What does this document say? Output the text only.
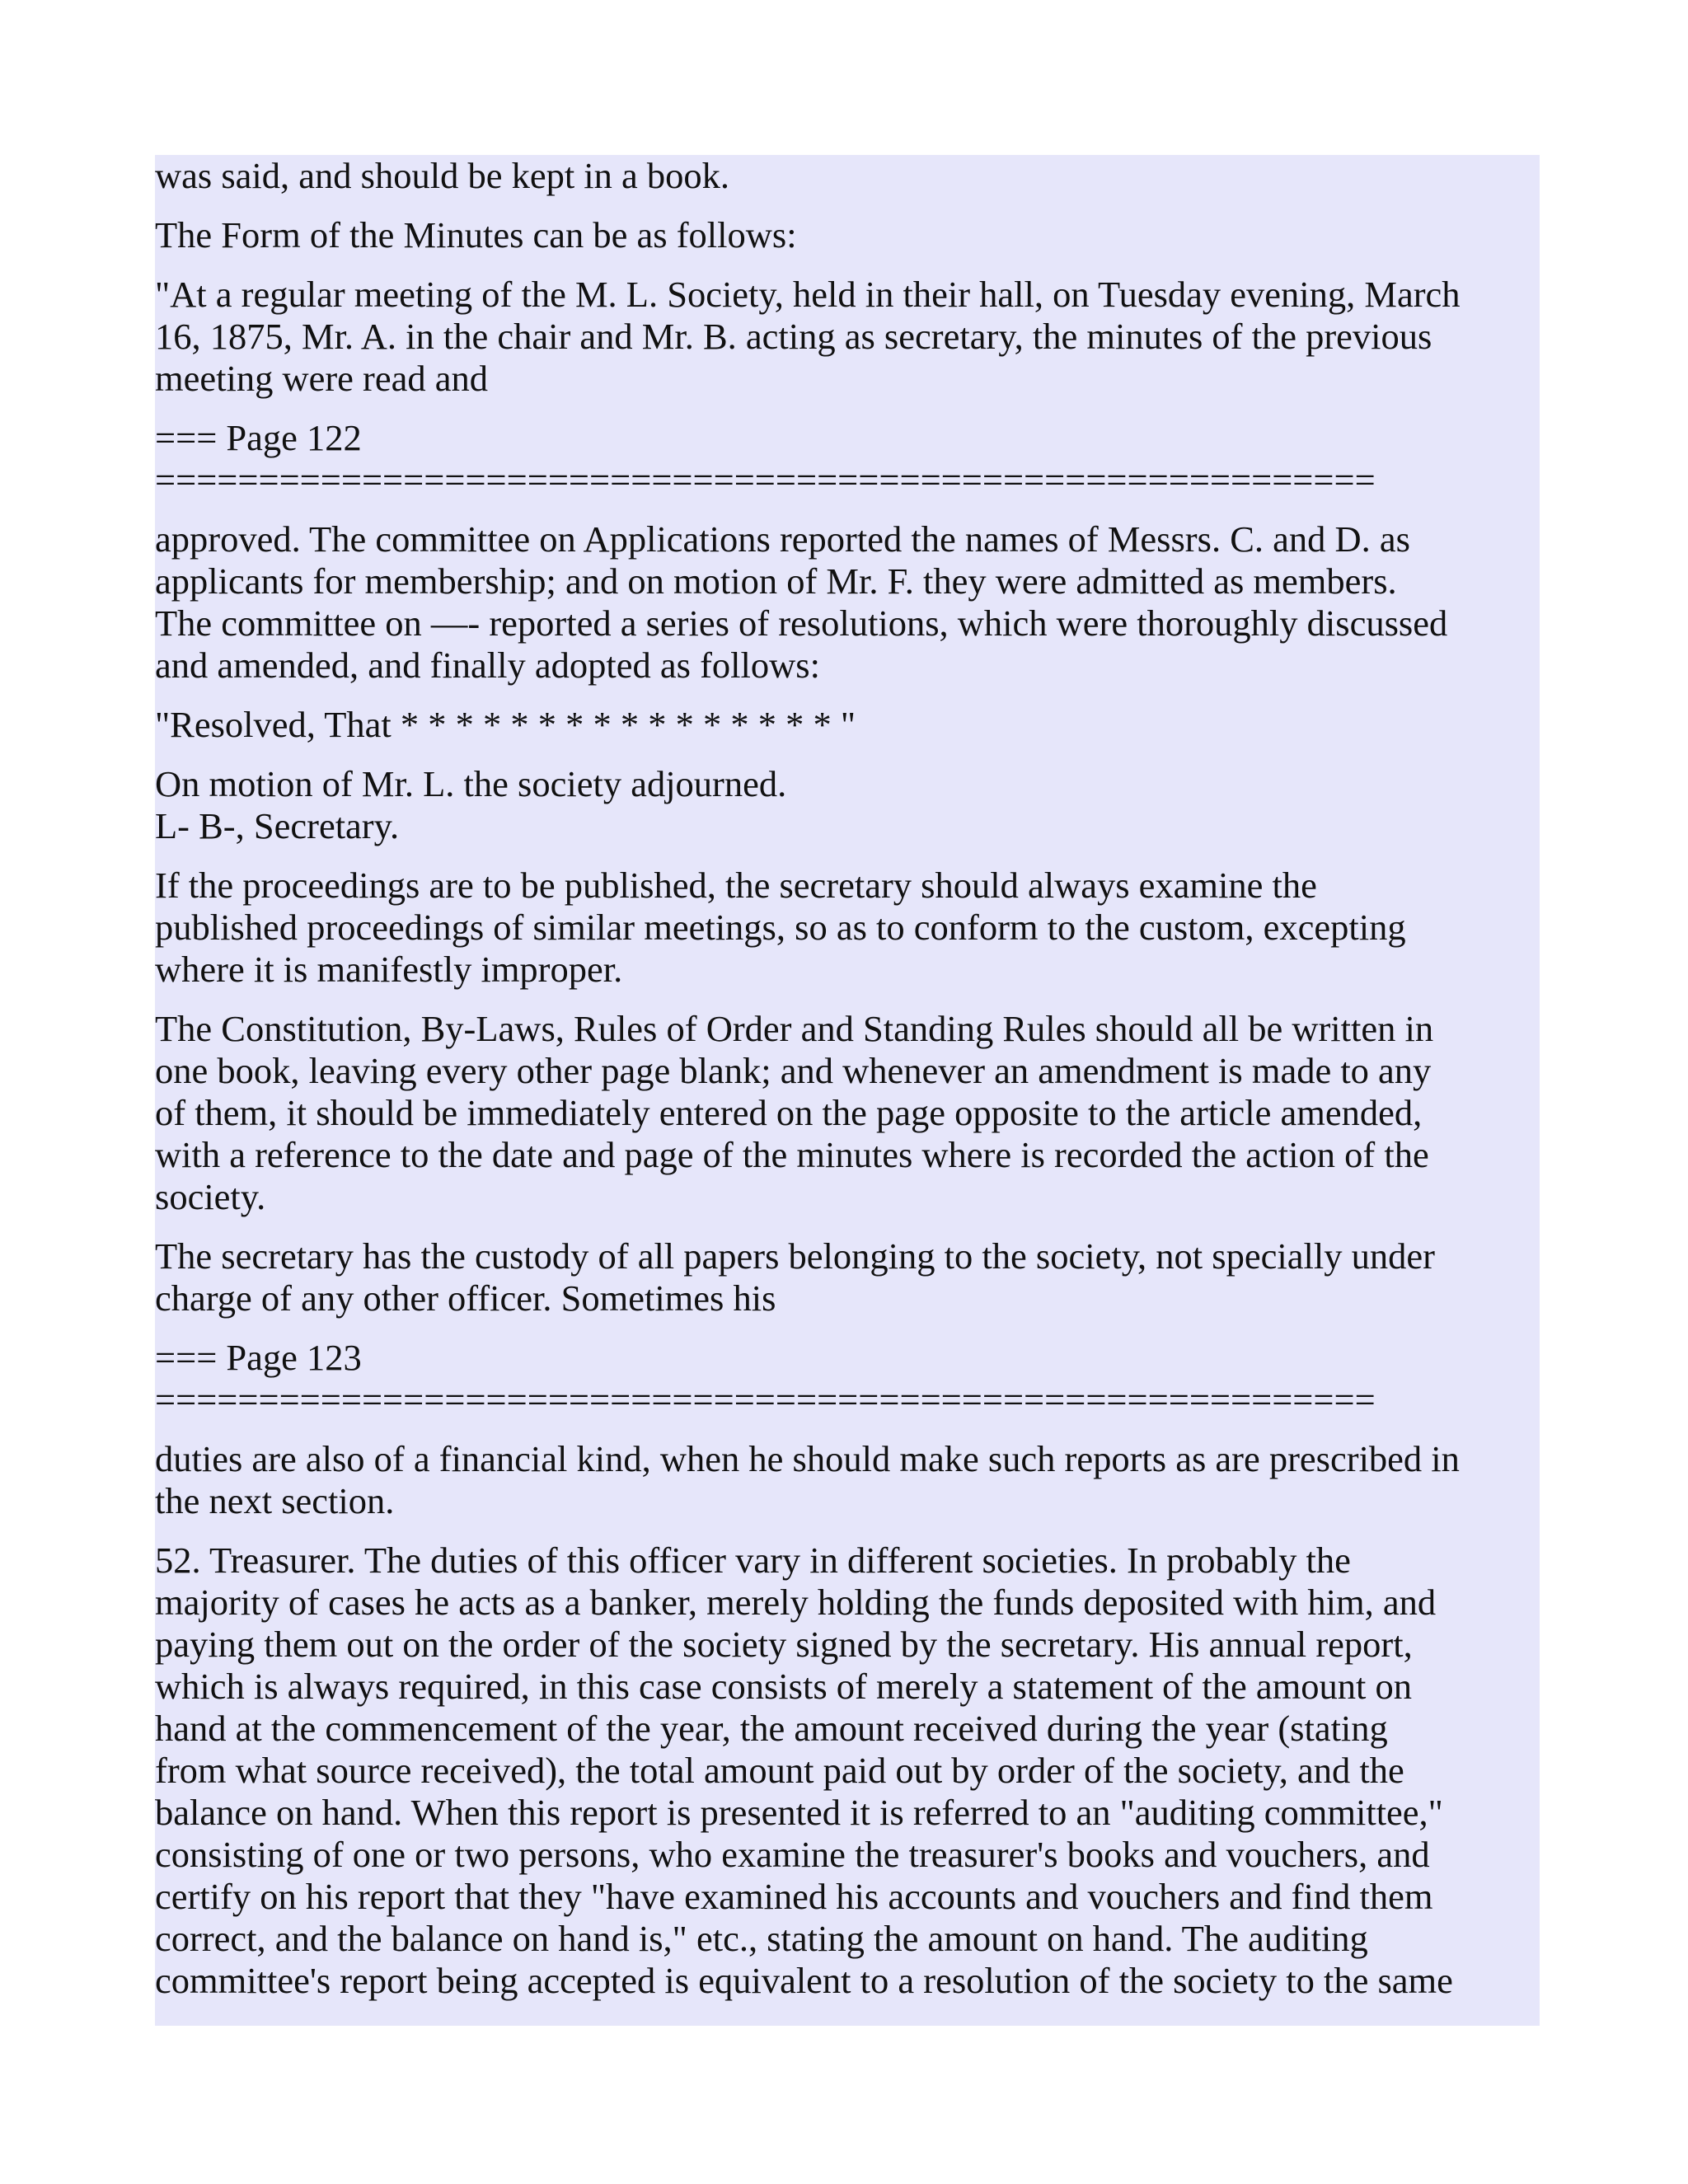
was said, and should be kept in a book.

The Form of the Minutes can be as follows:

"At a regular meeting of the M. L. Society, held in their hall, on Tuesday evening, March
16, 1875, Mr. A. in the chair and Mr. B. acting as secretary, the minutes of the previous
meeting were read and

=== Page 122
===========================================================

approved. The committee on Applications reported the names of Messrs. C. and D. as
applicants for membership; and on motion of Mr. F. they were admitted as members.
The committee on —- reported a series of resolutions, which were thoroughly discussed
and amended, and finally adopted as follows:

"Resolved, That * * * * * * * * * * * * * * * * "

On motion of Mr. L. the society adjourned.
L- B-, Secretary.

If the proceedings are to be published, the secretary should always examine the
published proceedings of similar meetings, so as to conform to the custom, excepting
where it is manifestly improper.

The Constitution, By-Laws, Rules of Order and Standing Rules should all be written in
one book, leaving every other page blank; and whenever an amendment is made to any
of them, it should be immediately entered on the page opposite to the article amended,
with a reference to the date and page of the minutes where is recorded the action of the
society.

The secretary has the custody of all papers belonging to the society, not specially under
charge of any other officer. Sometimes his

=== Page 123
===========================================================

duties are also of a financial kind, when he should make such reports as are prescribed in
the next section.

52. Treasurer. The duties of this officer vary in different societies. In probably the
majority of cases he acts as a banker, merely holding the funds deposited with him, and
paying them out on the order of the society signed by the secretary. His annual report,
which is always required, in this case consists of merely a statement of the amount on
hand at the commencement of the year, the amount received during the year (stating
from what source received), the total amount paid out by order of the society, and the
balance on hand. When this report is presented it is referred to an "auditing committee,"
consisting of one or two persons, who examine the treasurer's books and vouchers, and
certify on his report that they "have examined his accounts and vouchers and find them
correct, and the balance on hand is," etc., stating the amount on hand. The auditing
committee's report being accepted is equivalent to a resolution of the society to the same
